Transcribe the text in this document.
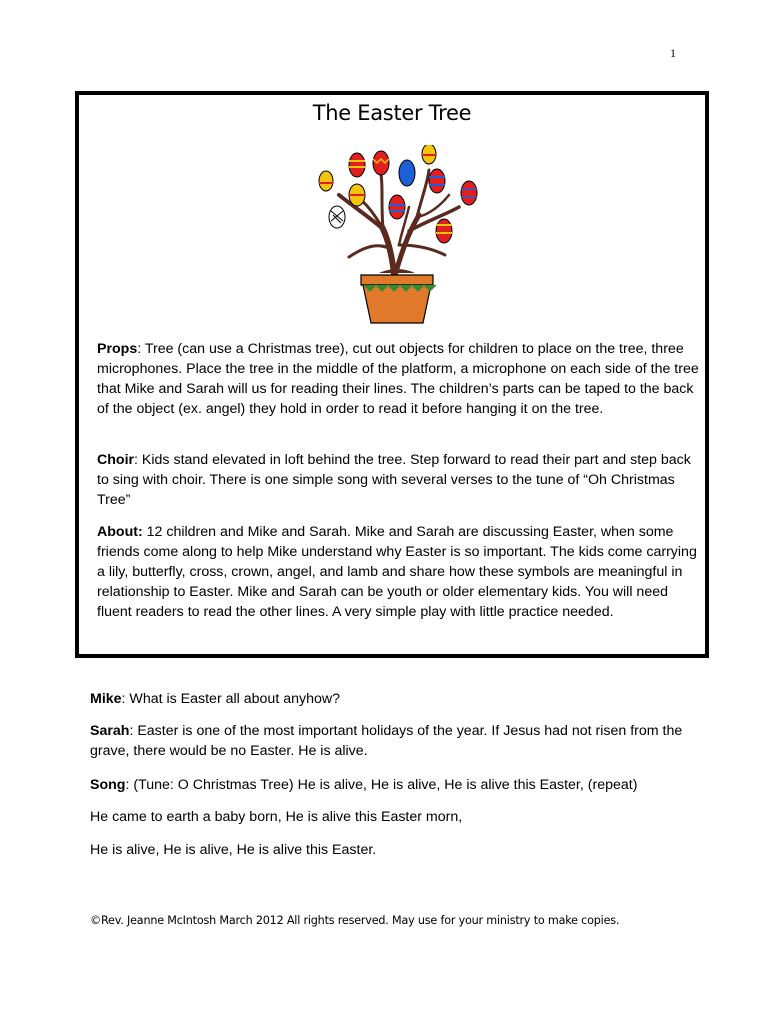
1
The Easter Tree
Props: Tree (can use a Christmas tree), cut out objects for children to place on the tree, three microphones. Place the tree in the middle of the platform, a microphone on each side of the tree that Mike and Sarah will us for reading their lines. The children’s parts can be taped to the back of the object (ex. angel) they hold in order to read it before hanging it on the tree.
Choir: Kids stand elevated in loft behind the tree. Step forward to read their part and step back to sing with choir. There is one simple song with several verses to the tune of “Oh Christmas Tree”
About: 12 children and Mike and Sarah. Mike and Sarah are discussing Easter, when some friends come along to help Mike understand why Easter is so important. The kids come carrying a lily, butterfly, cross, crown, angel, and lamb and share how these symbols are meaningful in relationship to Easter. Mike and Sarah can be youth or older elementary kids. You will need fluent readers to read the other lines. A very simple play with little practice needed.
Mike: What is Easter all about anyhow?
Sarah: Easter is one of the most important holidays of the year. If Jesus had not risen from the grave, there would be no Easter. He is alive.
Song: (Tune: O Christmas Tree) He is alive, He is alive, He is alive this Easter, (repeat)
He came to earth a baby born, He is alive this Easter morn,
He is alive, He is alive, He is alive this Easter.
©Rev. Jeanne McIntosh March 2012 All rights reserved. May use for your ministry to make copies.
